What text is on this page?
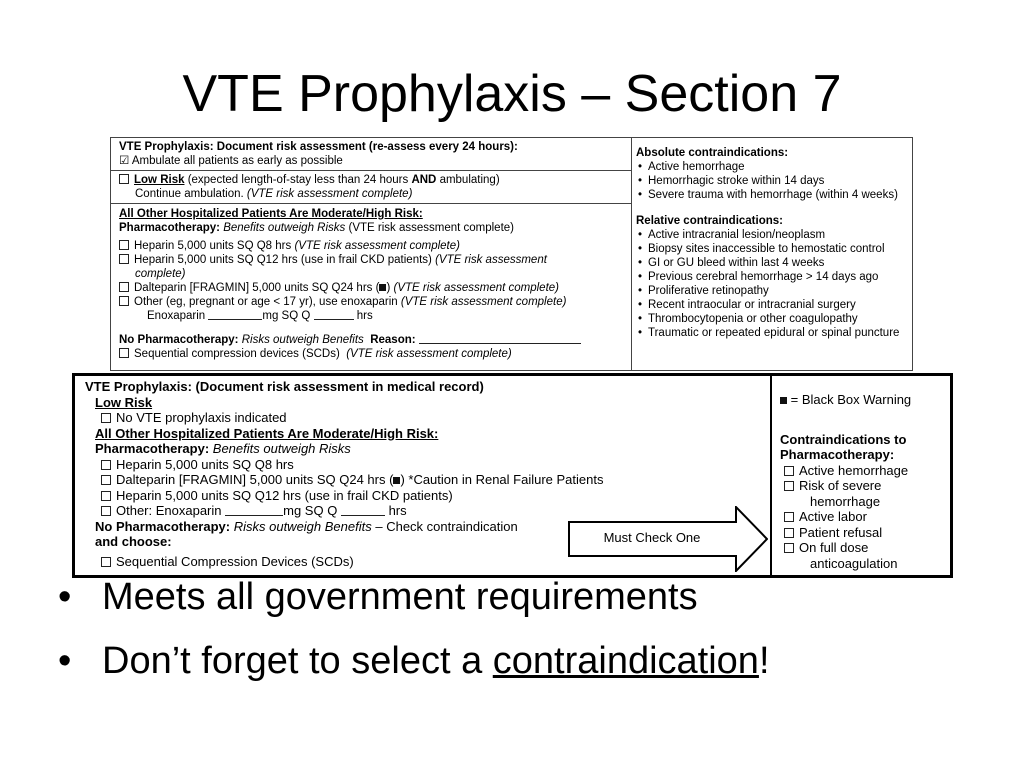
VTE Prophylaxis – Section 7
VTE Prophylaxis: Document risk assessment (re-assess every 24 hours):
☑ Ambulate all patients as early as possible
Low Risk (expected length-of-stay less than 24 hours AND ambulating)
Continue ambulation. (VTE risk assessment complete)
All Other Hospitalized Patients Are Moderate/High Risk:
Pharmacotherapy: Benefits outweigh Risks (VTE risk assessment complete)
Heparin 5,000 units SQ Q8 hrs (VTE risk assessment complete)
Heparin 5,000 units SQ Q12 hrs (use in frail CKD patients) (VTE risk assessment
complete)
Dalteparin [FRAGMIN] 5,000 units SQ Q24 hrs ( ) (VTE risk assessment complete)
Other (eg, pregnant or age < 17 yr), use enoxaparin (VTE risk assessment complete)
Enoxaparin	mg SQ Q	hrs
No Pharmacotherapy: Risks outweigh Benefits Reason:
Sequential compression devices (SCDs) (VTE risk assessment complete)
Absolute contraindications:
• Active hemorrhage
• Hemorrhagic stroke within 14 days
• Severe trauma with hemorrhage (within 4 weeks)
Relative contraindications:
• Active intracranial lesion/neoplasm
• Biopsy sites inaccessible to hemostatic control
• GI or GU bleed within last 4 weeks
• Previous cerebral hemorrhage > 14 days ago
• Proliferative retinopathy
• Recent intraocular or intracranial surgery
• Thrombocytopenia or other coagulopathy
• Traumatic or repeated epidural or spinal puncture
VTE Prophylaxis: (Document risk assessment in medical record)
Low Risk
No VTE prophylaxis indicated
All Other Hospitalized Patients Are Moderate/High Risk:
Pharmacotherapy: Benefits outweigh Risks
Heparin 5,000 units SQ Q8 hrs
Dalteparin [FRAGMIN] 5,000 units SQ Q24 hrs ( ) *Caution in Renal Failure Patients
Heparin 5,000 units SQ Q12 hrs (use in frail CKD patients)
Other: Enoxaparin	mg SQ Q	hrs
No Pharmacotherapy: Risks outweigh Benefits – Check contraindication
and choose:
Sequential Compression Devices (SCDs)
Must Check One
= Black Box Warning
Contraindications to
Pharmacotherapy:
Active hemorrhage
Risk of severe
hemorrhage
Active labor
Patient refusal
On full dose
anticoagulation
• Meets all government requirements
• Don’t forget to select a contraindication!
